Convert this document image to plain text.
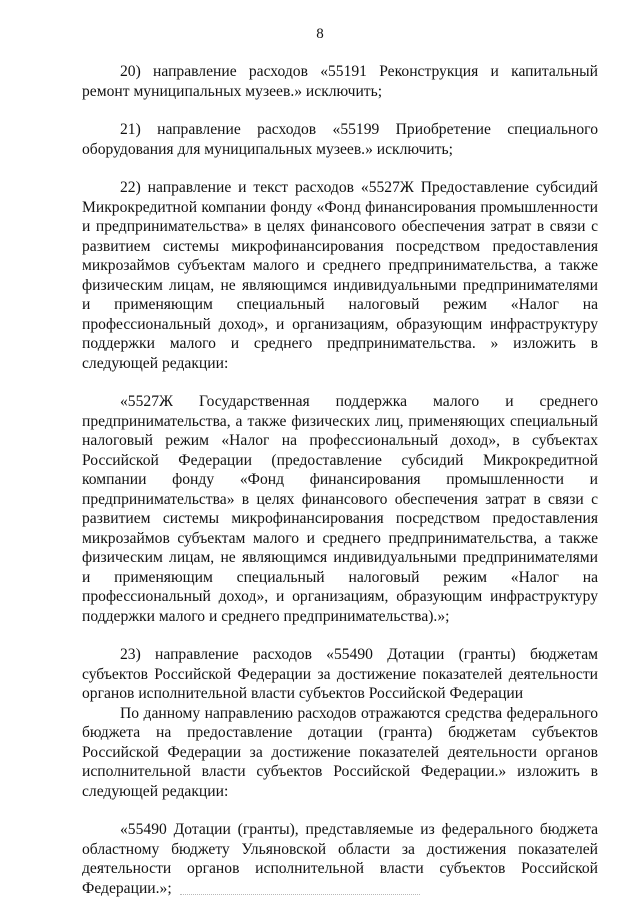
8

20) направление расходов «55191 Реконструкция и капитальный ремонт муниципальных музеев.» исключить;

21) направление расходов «55199 Приобретение специального оборудования для муниципальных музеев.» исключить;

22) направление и текст расходов «5527Ж Предоставление субсидий Микрокредитной компании фонду «Фонд финансирования промышленности и предпринимательства» в целях финансового обеспечения затрат в связи с развитием системы микрофинансирования посредством предоставления микрозаймов субъектам малого и среднего предпринимательства, а также физическим лицам, не являющимся индивидуальными предпринимателями и применяющим специальный налоговый режим «Налог на профессиональный доход», и организациям, образующим инфраструктуру поддержки малого и среднего предпринимательства. » изложить в следующей редакции:

«5527Ж Государственная поддержка малого и среднего предпринимательства, а также физических лиц, применяющих специальный налоговый режим «Налог на профессиональный доход», в субъектах Российской Федерации (предоставление субсидий Микрокредитной компании фонду «Фонд финансирования промышленности и предпринимательства» в целях финансового обеспечения затрат в связи с развитием системы микрофинансирования посредством предоставления микрозаймов субъектам малого и среднего предпринимательства, а также физическим лицам, не являющимся индивидуальными предпринимателями и применяющим специальный налоговый режим «Налог на профессиональный доход», и организациям, образующим инфраструктуру поддержки малого и среднего предпринимательства).»;

23) направление расходов «55490 Дотации (гранты) бюджетам субъектов Российской Федерации за достижение показателей деятельности органов исполнительной власти субъектов Российской Федерации

По данному направлению расходов отражаются средства федерального бюджета на предоставление дотации (гранта) бюджетам субъектов Российской Федерации за достижение показателей деятельности органов исполнительной власти субъектов Российской Федерации.» изложить в следующей редакции:

«55490 Дотации (гранты), представляемые из федерального бюджета областному бюджету Ульяновской области за достижения показателей деятельности органов исполнительной власти субъектов Российской Федерации.»;
